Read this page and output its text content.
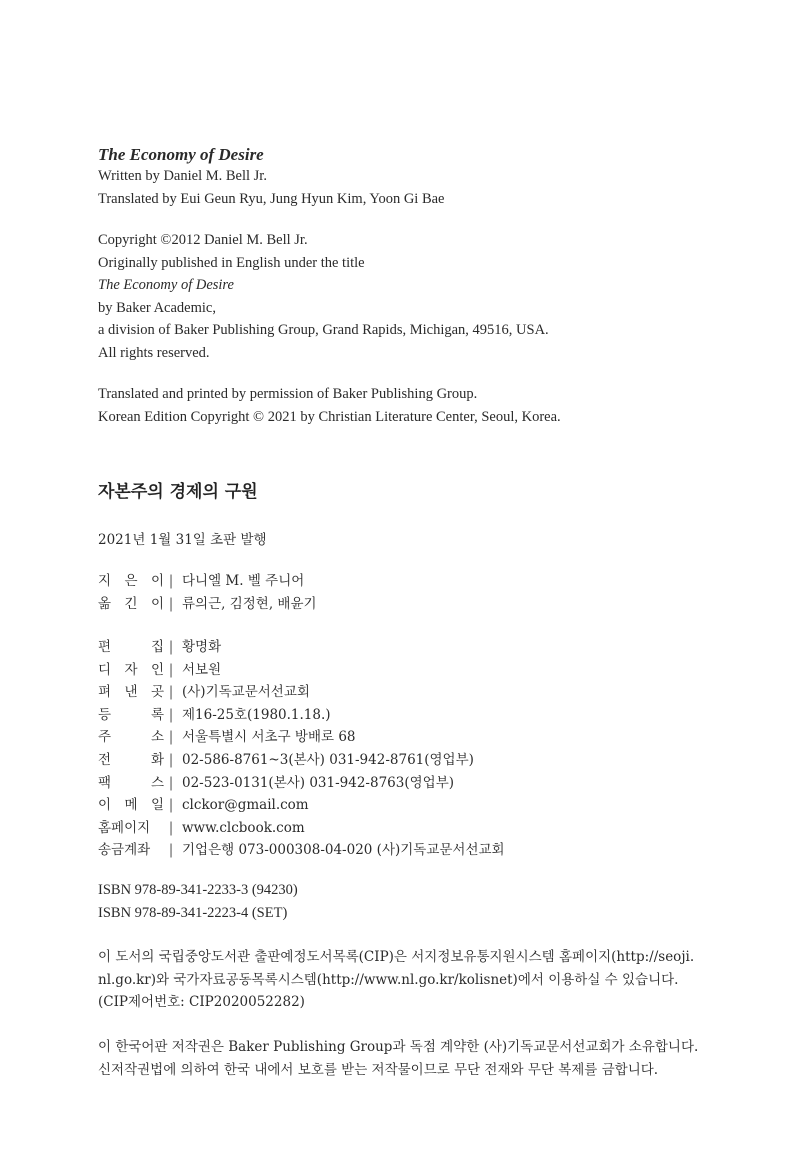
The Economy of Desire
Written by Daniel M. Bell Jr.
Translated by Eui Geun Ryu, Jung Hyun Kim, Yoon Gi Bae
Copyright ©2012 Daniel M. Bell Jr.
Originally published in English under the title
The Economy of Desire
by Baker Academic,
a division of Baker Publishing Group, Grand Rapids, Michigan, 49516, USA.
All rights reserved.
Translated and printed by permission of Baker Publishing Group.
Korean Edition Copyright © 2021 by Christian Literature Center, Seoul, Korea.
자본주의 경제의 구원
2021년 1월 31일 초판 발행
지 은 이 | 다니엘 M. 벨 주니어
옮 긴 이 | 류의근, 김정현, 배윤기
편	집 | 황명화
디 자 인 | 서보원
펴 낸 곳 | (사)기독교문서선교회
등	록 | 제16-25호(1980.1.18.)
주	소 | 서울특별시 서초구 방배로 68
전	화 | 02-586-8761~3(본사) 031-942-8761(영업부)
팩	스 | 02-523-0131(본사) 031-942-8763(영업부)
이 메 일 | clckor@gmail.com
홈페이지	| www.clcbook.com
송금계좌	| 기업은행 073-000308-04-020 (사)기독교문서선교회
ISBN 978-89-341-2233-3 (94230)
ISBN 978-89-341-2223-4 (SET)
이 도서의 국립중앙도서관 출판예정도서목록(CIP)은 서지정보유통지원시스템 홈페이지(http://seoji.
nl.go.kr)와 국가자료공동목록시스템(http://www.nl.go.kr/kolisnet)에서 이용하실 수 있습니다.
(CIP제어번호: CIP2020052282)
이 한국어판 저작권은 Baker Publishing Group과 독점 계약한 (사)기독교문서선교회가 소유합니다.
신저작권법에 의하여 한국 내에서 보호를 받는 저작물이므로 무단 전재와 무단 복제를 금합니다.
